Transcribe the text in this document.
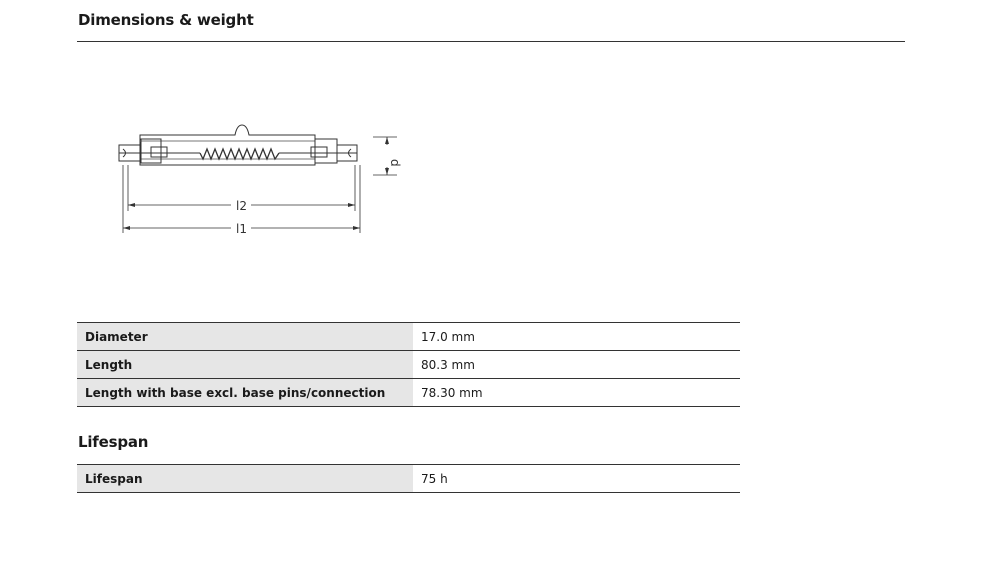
Dimensions & weight
l2
l1
d
Diameter	17.0 mm
Length	80.3 mm
Length with base excl. base pins/connection	78.30 mm
Lifespan
Lifespan	75 h
